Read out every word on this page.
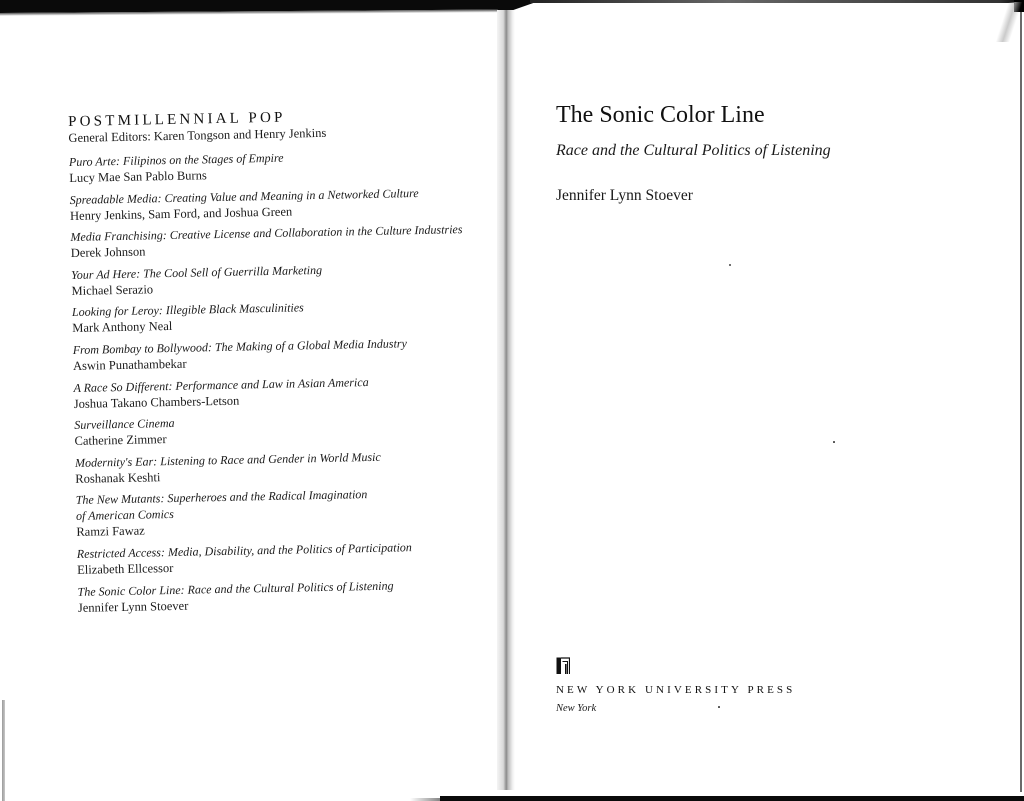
POSTMILLENNIAL POP

General Editors: Karen Tongson and Henry Jenkins

Puro Arte: Filipinos on the Stages of Empire
Lucy Mae San Pablo Burns
Spreadable Media: Creating Value and Meaning in a Networked Culture
Henry Jenkins, Sam Ford, and Joshua Green
Media Franchising: Creative License and Collaboration in the Culture Industries
Derek Johnson
Your Ad Here: The Cool Sell of Guerrilla Marketing
Michael Serazio
Looking for Leroy: Illegible Black Masculinities
Mark Anthony Neal
From Bombay to Bollywood: The Making of a Global Media Industry
Aswin Punathambekar
A Race So Different: Performance and Law in Asian America
Joshua Takano Chambers-Letson
Surveillance Cinema
Catherine Zimmer
Modernity's Ear: Listening to Race and Gender in World Music
Roshanak Keshti
The New Mutants: Superheroes and the Radical Imagination
of American Comics
Ramzi Fawaz
Restricted Access: Media, Disability, and the Politics of Participation
Elizabeth Ellcessor
The Sonic Color Line: Race and the Cultural Politics of Listening
Jennifer Lynn Stoever
The Sonic Color Line

Race and the Cultural Politics of Listening

Jennifer Lynn Stoever

NEW YORK UNIVERSITY PRESS
New York
